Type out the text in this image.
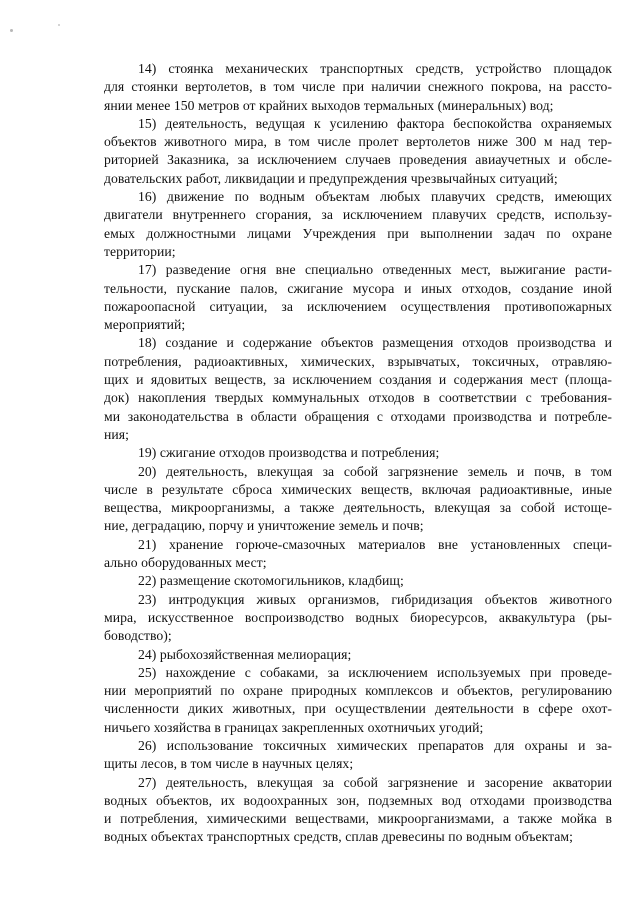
14) стоянка механических транспортных средств, устройство площадок
для стоянки вертолетов, в том числе при наличии снежного покрова, на рассто-
янии менее 150 метров от крайних выходов термальных (минеральных) вод;
15) деятельность, ведущая к усилению фактора беспокойства охраняемых
объектов животного мира, в том числе пролет вертолетов ниже 300 м над тер-
риторией Заказника, за исключением случаев проведения авиаучетных и обсле-
довательских работ, ликвидации и предупреждения чрезвычайных ситуаций;
16) движение по водным объектам любых плавучих средств, имеющих
двигатели внутреннего сгорания, за исключением плавучих средств, использу-
емых должностными лицами Учреждения при выполнении задач по охране
территории;
17) разведение огня вне специально отведенных мест, выжигание расти-
тельности, пускание палов, сжигание мусора и иных отходов, создание иной
пожароопасной ситуации, за исключением осуществления противопожарных
мероприятий;
18) создание и содержание объектов размещения отходов производства и
потребления, радиоактивных, химических, взрывчатых, токсичных, отравляю-
щих и ядовитых веществ, за исключением создания и содержания мест (площа-
док) накопления твердых коммунальных отходов в соответствии с требования-
ми законодательства в области обращения с отходами производства и потребле-
ния;
19) сжигание отходов производства и потребления;
20) деятельность, влекущая за собой загрязнение земель и почв, в том
числе в результате сброса химических веществ, включая радиоактивные, иные
вещества, микроорганизмы, а также деятельность, влекущая за собой истоще-
ние, деградацию, порчу и уничтожение земель и почв;
21) хранение горюче-смазочных материалов вне установленных специ-
ально оборудованных мест;
22) размещение скотомогильников, кладбищ;
23) интродукция живых организмов, гибридизация объектов животного
мира, искусственное воспроизводство водных биоресурсов, аквакультура (ры-
боводство);
24) рыбохозяйственная мелиорация;
25) нахождение с собаками, за исключением используемых при проведе-
нии мероприятий по охране природных комплексов и объектов, регулированию
численности диких животных, при осуществлении деятельности в сфере охот-
ничьего хозяйства в границах закрепленных охотничьих угодий;
26) использование токсичных химических препаратов для охраны и за-
щиты лесов, в том числе в научных целях;
27) деятельность, влекущая за собой загрязнение и засорение акватории
водных объектов, их водоохранных зон, подземных вод отходами производства
и потребления, химическими веществами, микроорганизмами, а также мойка в
водных объектах транспортных средств, сплав древесины по водным объектам;
